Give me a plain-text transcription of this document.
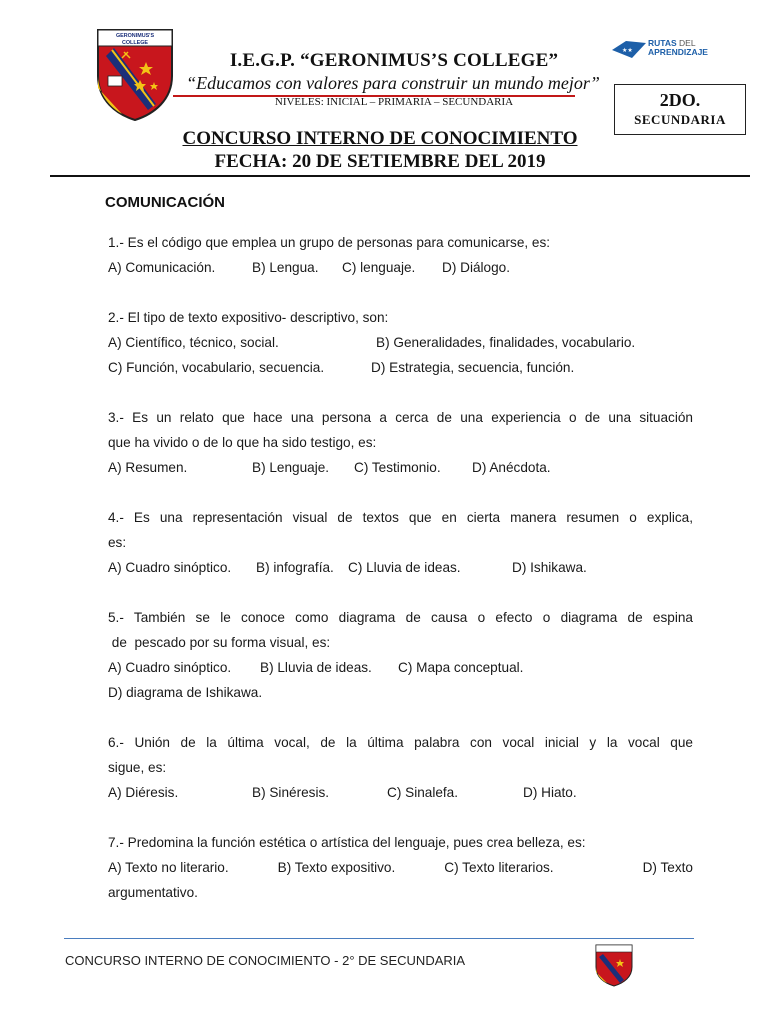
GERONIMUS'S
COLLEGE
I.E.G.P. “GERONIMUS’S COLLEGE”
“Educamos con valores para construir un mundo mejor”
NIVELES: INICIAL – PRIMARIA – SECUNDARIA
★★
RUTAS DEL
APRENDIZAJE
2DO.
SECUNDARIA
CONCURSO INTERNO DE CONOCIMIENTO
FECHA: 20 DE SETIEMBRE DEL 2019
COMUNICACIÓN
1.- Es el código que emplea un grupo de personas para comunicarse, es:
A) Comunicación.	B) Lengua.	C) lenguaje.	D) Diálogo.
2.- El tipo de texto expositivo- descriptivo, son:
A) Científico, técnico, social.	B) Generalidades, finalidades, vocabulario.
C) Función, vocabulario, secuencia.	D) Estrategia, secuencia, función.
3.- Es un relato que hace una persona a cerca de una experiencia o de una situación
que ha vivido o de lo que ha sido testigo, es:
A) Resumen.	B) Lenguaje.	C) Testimonio.	D) Anécdota.
4.- Es una representación visual de textos que en cierta manera resumen o explica,
es:
A) Cuadro sinóptico.	B) infografía.	C) Lluvia de ideas.	D) Ishikawa.
5.- También se le conoce como diagrama de causa o efecto o diagrama de espina
de  pescado por su forma visual, es:
A) Cuadro sinóptico.	B) Lluvia de ideas.	C) Mapa conceptual.
D) diagrama de Ishikawa.
6.- Unión de la última vocal, de la última palabra con vocal inicial y la vocal que
sigue, es:
A) Diéresis.	B) Sinéresis.	C) Sinalefa.	D) Hiato.
7.- Predomina la función estética o artística del lenguaje, pues crea belleza, es:
A) Texto no literario.	B) Texto expositivo.	C) Texto literarios.	D) Texto
argumentativo.
CONCURSO INTERNO DE CONOCIMIENTO - 2° DE SECUNDARIA
